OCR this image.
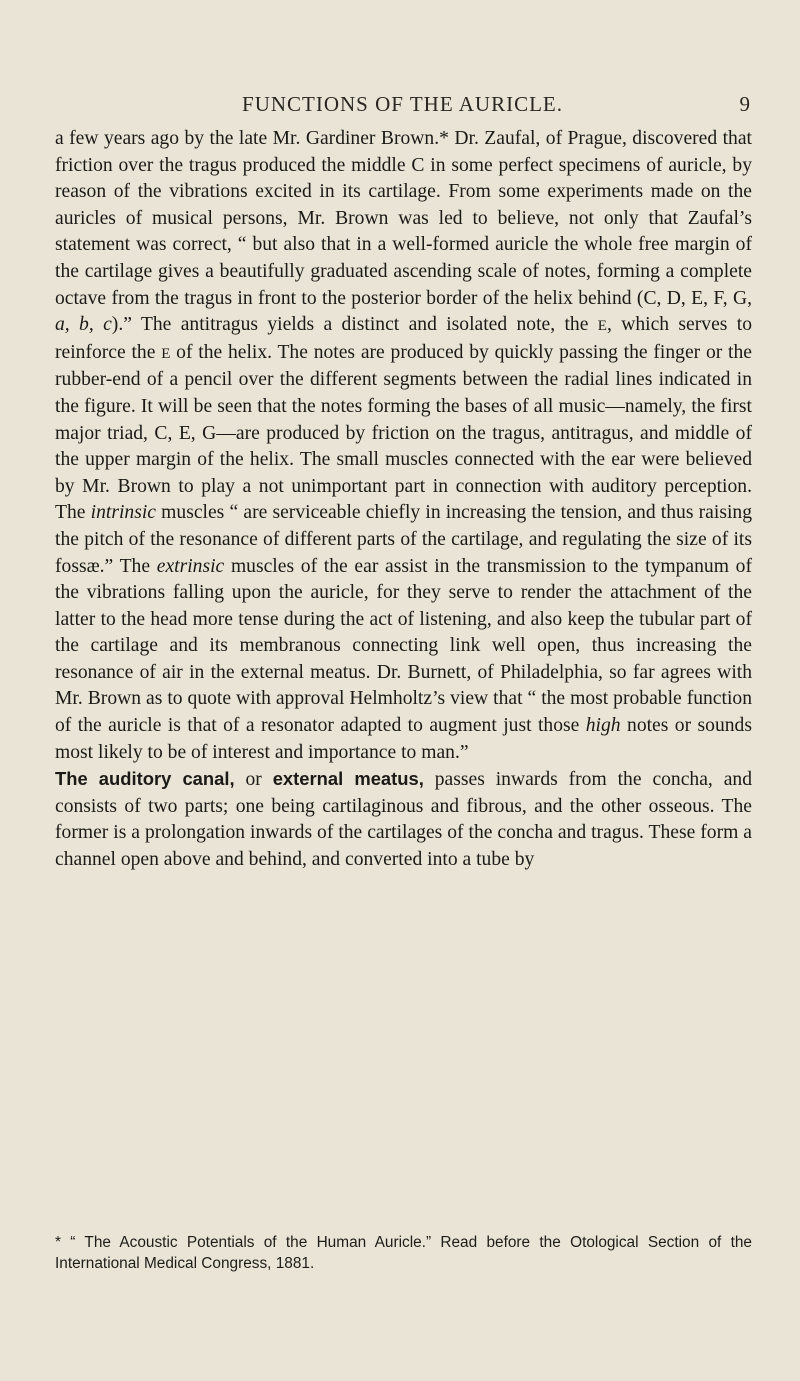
FUNCTIONS OF THE AURICLE.	9

a few years ago by the late Mr. Gardiner Brown.* Dr. Zaufal, of Prague, discovered that friction over the tragus produced the middle C in some perfect specimens of auricle, by reason of the vibrations excited in its cartilage. From some experiments made on the auricles of musical persons, Mr. Brown was led to believe, not only that Zaufal’s statement was correct, “ but also that in a well-formed auricle the whole free margin of the cartilage gives a beautifully graduated ascending scale of notes, forming a complete octave from the tragus in front to the posterior border of the helix behind (C, D, E, F, G, a, b, c).” The antitragus yields a distinct and isolated note, the E, which serves to reinforce the E of the helix. The notes are produced by quickly passing the finger or the rubber-end of a pencil over the different segments between the radial lines indicated in the figure. It will be seen that the notes forming the bases of all music—namely, the first major triad, C, E, G—are produced by friction on the tragus, antitragus, and middle of the upper margin of the helix. The small muscles connected with the ear were believed by Mr. Brown to play a not unimportant part in connection with auditory perception. The intrinsic muscles “ are serviceable chiefly in increasing the tension, and thus raising the pitch of the resonance of different parts of the cartilage, and regulating the size of its fossæ.” The extrinsic muscles of the ear assist in the transmission to the tympanum of the vibrations falling upon the auricle, for they serve to render the attachment of the latter to the head more tense during the act of listening, and also keep the tubular part of the cartilage and its membranous connecting link well open, thus increasing the resonance of air in the external meatus. Dr. Burnett, of Philadelphia, so far agrees with Mr. Brown as to quote with approval Helmholtz’s view that “ the most probable function of the auricle is that of a resonator adapted to augment just those high notes or sounds most likely to be of interest and importance to man.”

The auditory canal, or external meatus, passes inwards from the concha, and consists of two parts; one being cartilaginous and fibrous, and the other osseous. The former is a prolongation inwards of the cartilages of the concha and tragus. These form a channel open above and behind, and converted into a tube by

* “ The Acoustic Potentials of the Human Auricle.” Read before the Otological Section of the International Medical Congress, 1881.
